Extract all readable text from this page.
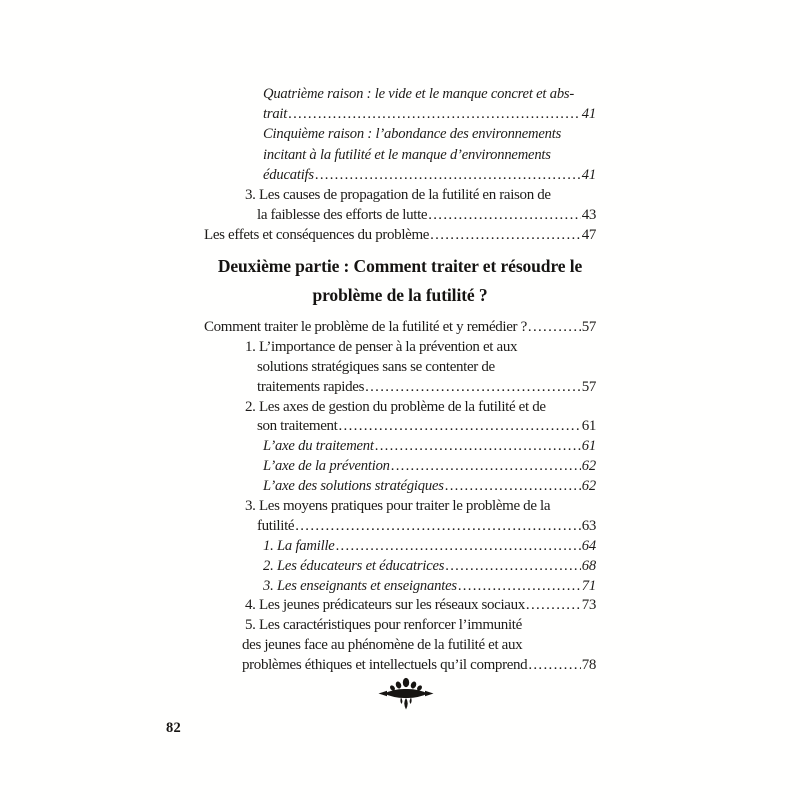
Quatrième raison : le vide et le manque concret et abs-
trait .....	41
Cinquième raison : l’abondance des environnements
incitant à la futilité et le manque d’environnements
éducatifs .....	41
3. Les causes de propagation de la futilité en raison de
la faiblesse des efforts de lutte .....	43
Les effets et conséquences du problème .....	47
Deuxième partie : Comment traiter et résoudre le
problème de la futilité ?
Comment traiter le problème de la futilité et y remédier ? .....	57
1. L’importance de penser à la prévention et aux
solutions stratégiques sans se contenter de
traitements rapides .....	57
2. Les axes de gestion du problème de la futilité et de
son traitement .....	61
L’axe du traitement .....	61
L’axe de la prévention .....	62
L’axe des solutions stratégiques .....	62
3. Les moyens pratiques pour traiter le problème de la
futilité .....	63
1. La famille .....	64
2. Les éducateurs et éducatrices .....	68
3. Les enseignants et enseignantes .....	71
4. Les jeunes prédicateurs sur les réseaux sociaux .....	73
5. Les caractéristiques pour renforcer l’immunité
des jeunes face au phénomène de la futilité et aux
problèmes éthiques et intellectuels qu’il comprend .....	78
82
